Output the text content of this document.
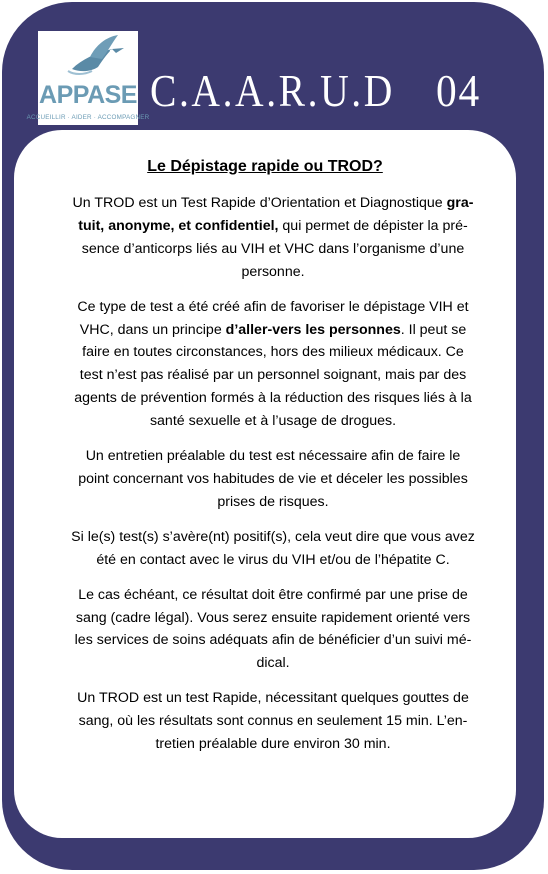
APPASE
ACCUEILLIR · AIDER · ACCOMPAGNER
C.A.A.R.U.D 04
Le Dépistage rapide ou TROD?

Un TROD est un Test Rapide d’Orientation et Diagnostique gra-
tuit, anonyme, et confidentiel, qui permet de dépister la pré-
sence d’anticorps liés au VIH et VHC dans l’organisme d’une
personne.

Ce type de test a été créé afin de favoriser le dépistage VIH et
VHC, dans un principe d’aller-vers les personnes. Il peut se
faire en toutes circonstances, hors des milieux médicaux. Ce
test n’est pas réalisé par un personnel soignant, mais par des
agents de prévention formés à la réduction des risques liés à la
santé sexuelle et à l’usage de drogues.

Un entretien préalable du test est nécessaire afin de faire le
point concernant vos habitudes de vie et déceler les possibles
prises de risques.

Si le(s) test(s) s’avère(nt) positif(s), cela veut dire que vous avez
été en contact avec le virus du VIH et/ou de l’hépatite C.

Le cas échéant, ce résultat doit être confirmé par une prise de
sang (cadre légal). Vous serez ensuite rapidement orienté vers
les services de soins adéquats afin de bénéficier d’un suivi mé-
dical.

Un TROD est un test Rapide, nécessitant quelques gouttes de
sang, où les résultats sont connus en seulement 15 min. L’en-
tretien préalable dure environ 30 min.
